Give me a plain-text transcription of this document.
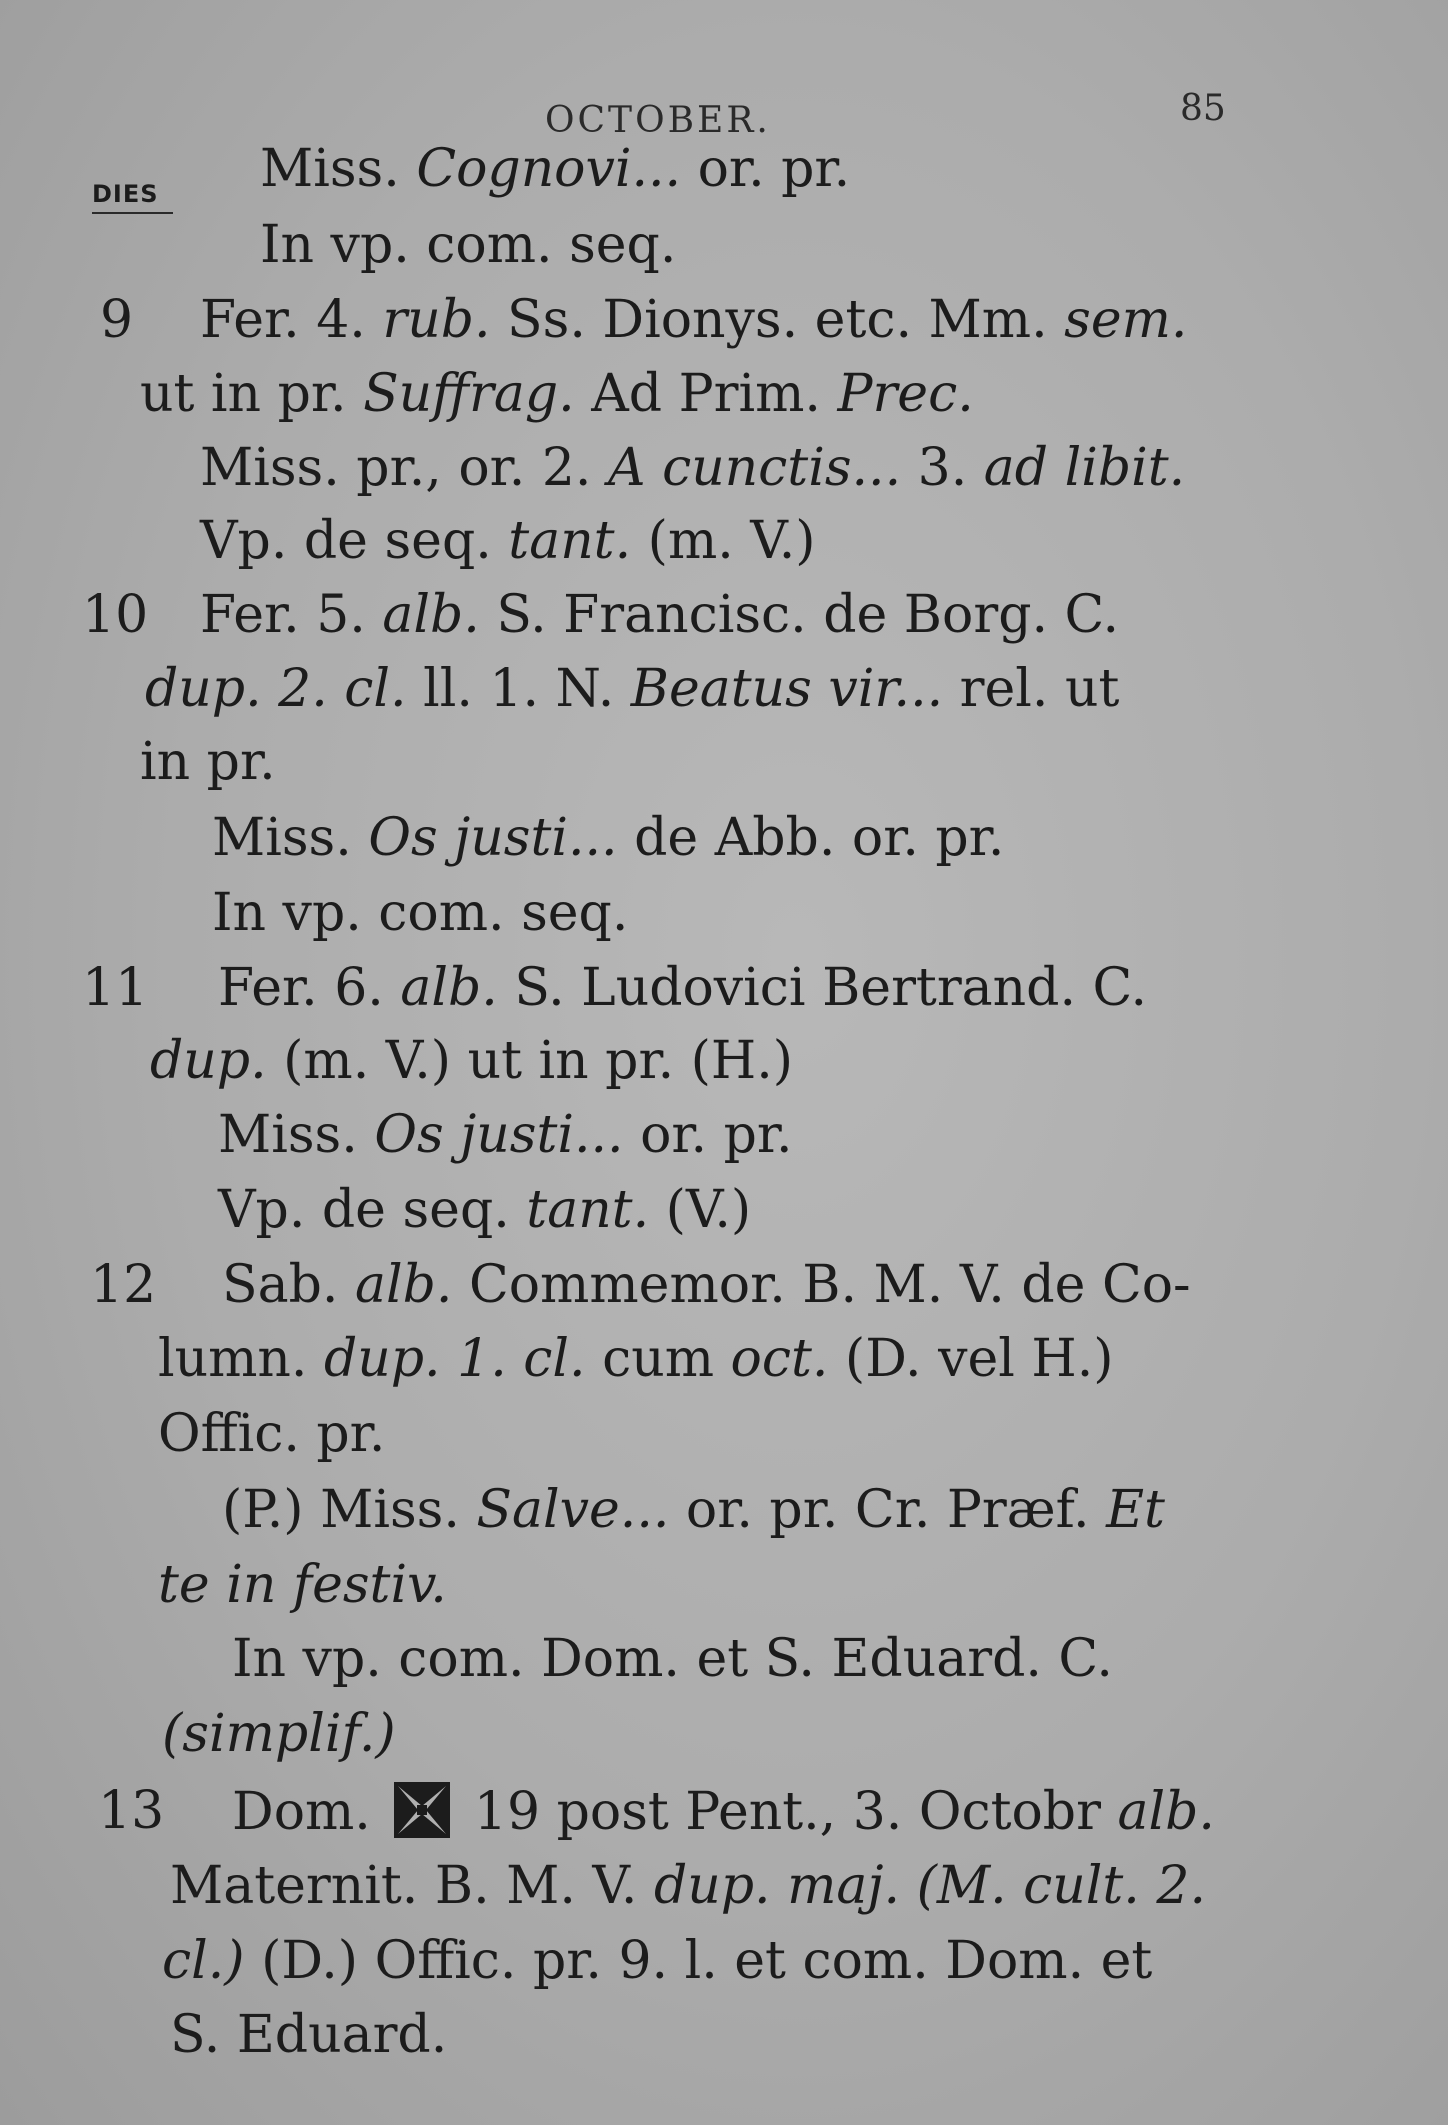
OCTOBER.	85
DIES Miss. Cognovi... or. pr.
In vp. com. seq.
9 Fer. 4. rub. Ss. Dionys. etc. Mm. sem.
ut in pr. Suffrag. Ad Prim. Prec.
Miss. pr., or. 2. A cunctis... 3. ad libit.
Vp. de seq. tant. (m. V.)
10 Fer. 5. alb. S. Francisc. de Borg. C.
dup. 2. cl. ll. 1. N. Beatus vir... rel. ut
in pr.
Miss. Os justi... de Abb. or. pr.
In vp. com. seq.
11 Fer. 6. alb. S. Ludovici Bertrand. C.
dup. (m. V.) ut in pr. (H.)
Miss. Os justi... or. pr.
Vp. de seq. tant. (V.)
12 Sab. alb. Commemor. B. M. V. de Co-
lumn. dup. 1. cl. cum oct. (D. vel H.)
Offic. pr.
(P.) Miss. Salve... or. pr. Cr. Præf. Et
te in festiv.
In vp. com. Dom. et S. Eduard. C.
(simplif.)
13 Dom.
19 post Pent., 3. Octobr alb.
Maternit. B. M. V. dup. maj. (M. cult. 2.
cl.) (D.) Offic. pr. 9. l. et com. Dom. et
S. Eduard.
